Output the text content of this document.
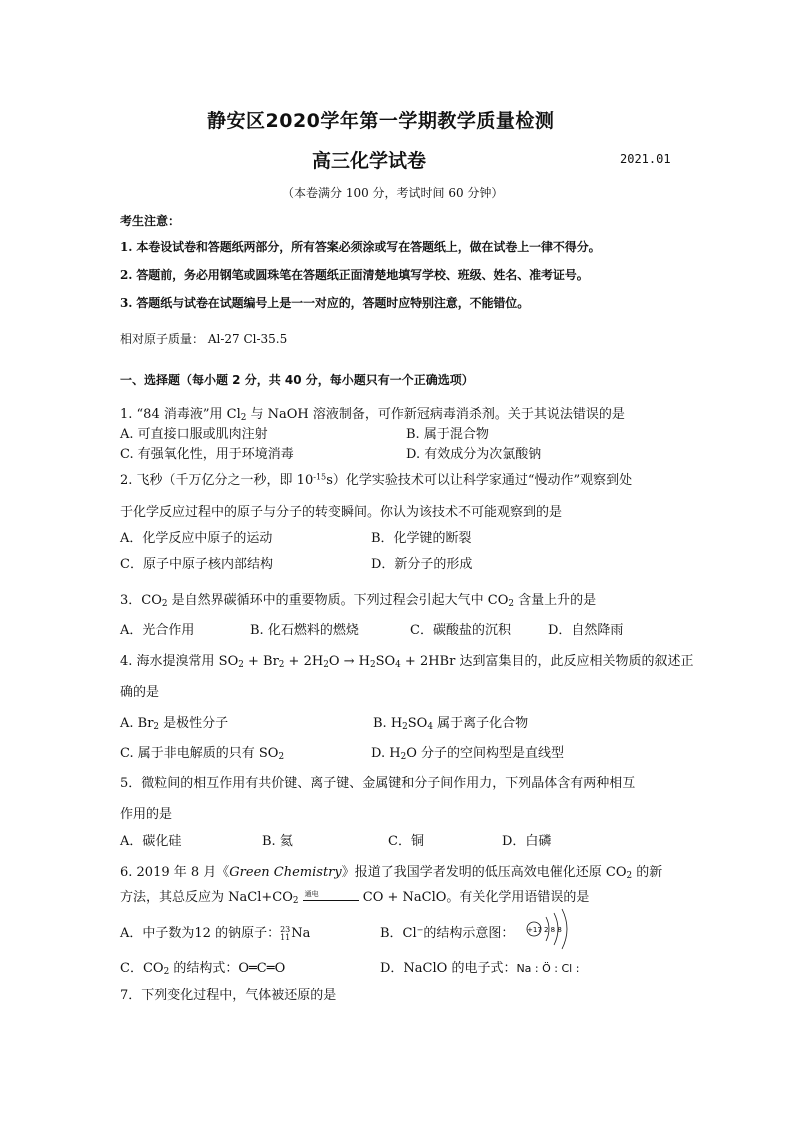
静安区2020学年第一学期教学质量检测
高三化学试卷	2021.01
（本卷满分 100 分，考试时间 60 分钟）
考生注意：
1. 本卷设试卷和答题纸两部分，所有答案必须涂或写在答题纸上，做在试卷上一律不得分。
2. 答题前，务必用钢笔或圆珠笔在答题纸正面清楚地填写学校、班级、姓名、准考证号。
3. 答题纸与试卷在试题编号上是一一对应的，答题时应特别注意，不能错位。
相对原子质量： Al-27 Cl-35.5
一、选择题（每小题 2 分，共 40 分，每小题只有一个正确选项）
1. “84 消毒液”用 $Cl_2$ 与 NaOH 溶液制备，可作新冠病毒消杀剂。关于其说法错误的是
A. 可直接口服或肌肉注射	B. 属于混合物
C. 有强氧化性，用于环境消毒	D. 有效成分为次氯酸钠
2. 飞秒（千万亿分之一秒，即 $10^{-15}s$）化学实验技术可以让科学家通过“慢动作”观察到处
于化学反应过程中的原子与分子的转变瞬间。你认为该技术不可能观察到的是
A．化学反应中原子的运动	B．化学键的断裂
C．原子中原子核内部结构	D．新分子的形成
3．$CO_2$ 是自然界碳循环中的重要物质。下列过程会引起大气中 $CO_2$ 含量上升的是
A．光合作用	B. 化石燃料的燃烧	C．碳酸盐的沉积	D．自然降雨
4. 海水提溴常用 $SO_2 + Br_2 + 2H_2O \to H_2SO_4 + 2HBr$ 达到富集目的，此反应相关物质的叙述正
确的是
A. $Br_2$ 是极性分子	B. $H_2SO_4$ 属于离子化合物
C. 属于非电解质的只有 $SO_2$	D. $H_2O$ 分子的空间构型是直线型
5．微粒间的相互作用有共价键、离子键、金属键和分子间作用力，下列晶体含有两种相互
作用的是
A．碳化硅	B. 氦	C．铜	D．白磷
6. 2019 年 8 月《Green Chemistry》报道了我国学者发明的低压高效电催化还原 $CO_2$ 的新
方法，其总反应为 $NaCl+CO_2$
通电	CO + NaClO。有关化学用语错误的是
A．中子数为12 的钠原子：23
11Na	B．Cl−的结构示意图： +17 2 8 8
C．$CO_2$ 的结构式：O═C═O	D．NaClO 的电子式：Na : Ö : Cl :
7．下列变化过程中，气体被还原的是
